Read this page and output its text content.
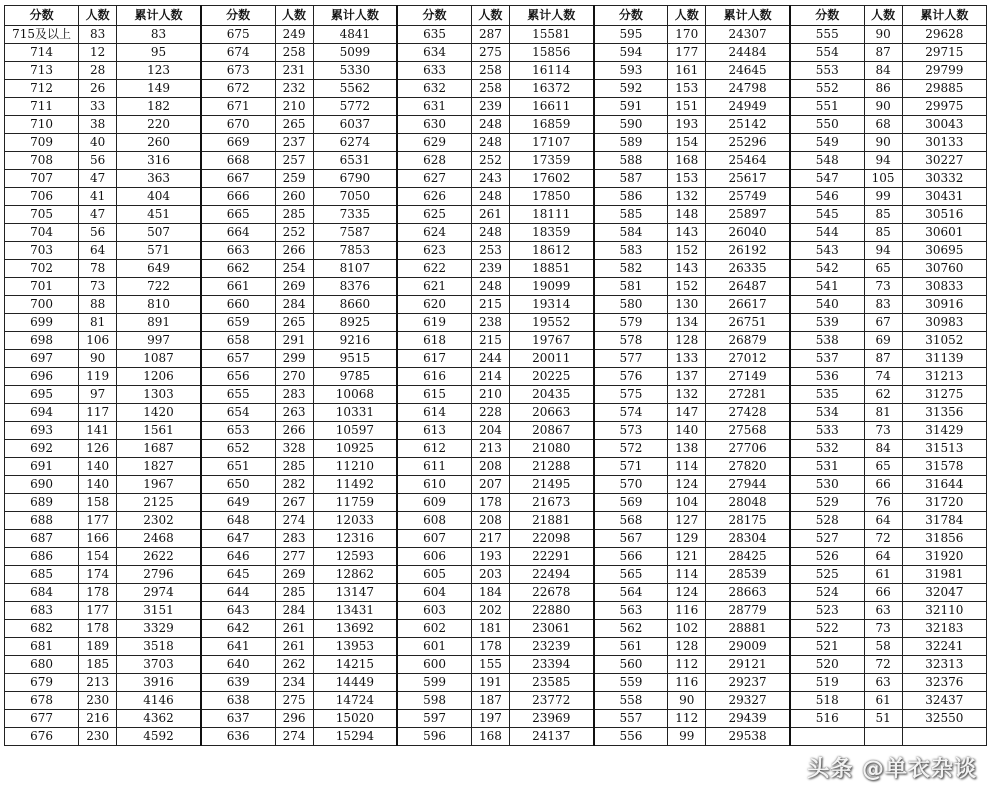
分数	人数	累计人数	分数	人数	累计人数	分数	人数	累计人数	分数	人数	累计人数	分数	人数	累计人数
715及以上	83	83	675	249	4841	635	287	15581	595	170	24307	555	90	29628
714	12	95	674	258	5099	634	275	15856	594	177	24484	554	87	29715
713	28	123	673	231	5330	633	258	16114	593	161	24645	553	84	29799
712	26	149	672	232	5562	632	258	16372	592	153	24798	552	86	29885
711	33	182	671	210	5772	631	239	16611	591	151	24949	551	90	29975
710	38	220	670	265	6037	630	248	16859	590	193	25142	550	68	30043
709	40	260	669	237	6274	629	248	17107	589	154	25296	549	90	30133
708	56	316	668	257	6531	628	252	17359	588	168	25464	548	94	30227
707	47	363	667	259	6790	627	243	17602	587	153	25617	547	105	30332
706	41	404	666	260	7050	626	248	17850	586	132	25749	546	99	30431
705	47	451	665	285	7335	625	261	18111	585	148	25897	545	85	30516
704	56	507	664	252	7587	624	248	18359	584	143	26040	544	85	30601
703	64	571	663	266	7853	623	253	18612	583	152	26192	543	94	30695
702	78	649	662	254	8107	622	239	18851	582	143	26335	542	65	30760
701	73	722	661	269	8376	621	248	19099	581	152	26487	541	73	30833
700	88	810	660	284	8660	620	215	19314	580	130	26617	540	83	30916
699	81	891	659	265	8925	619	238	19552	579	134	26751	539	67	30983
698	106	997	658	291	9216	618	215	19767	578	128	26879	538	69	31052
697	90	1087	657	299	9515	617	244	20011	577	133	27012	537	87	31139
696	119	1206	656	270	9785	616	214	20225	576	137	27149	536	74	31213
695	97	1303	655	283	10068	615	210	20435	575	132	27281	535	62	31275
694	117	1420	654	263	10331	614	228	20663	574	147	27428	534	81	31356
693	141	1561	653	266	10597	613	204	20867	573	140	27568	533	73	31429
692	126	1687	652	328	10925	612	213	21080	572	138	27706	532	84	31513
691	140	1827	651	285	11210	611	208	21288	571	114	27820	531	65	31578
690	140	1967	650	282	11492	610	207	21495	570	124	27944	530	66	31644
689	158	2125	649	267	11759	609	178	21673	569	104	28048	529	76	31720
688	177	2302	648	274	12033	608	208	21881	568	127	28175	528	64	31784
687	166	2468	647	283	12316	607	217	22098	567	129	28304	527	72	31856
686	154	2622	646	277	12593	606	193	22291	566	121	28425	526	64	31920
685	174	2796	645	269	12862	605	203	22494	565	114	28539	525	61	31981
684	178	2974	644	285	13147	604	184	22678	564	124	28663	524	66	32047
683	177	3151	643	284	13431	603	202	22880	563	116	28779	523	63	32110
682	178	3329	642	261	13692	602	181	23061	562	102	28881	522	73	32183
681	189	3518	641	261	13953	601	178	23239	561	128	29009	521	58	32241
680	185	3703	640	262	14215	600	155	23394	560	112	29121	520	72	32313
679	213	3916	639	234	14449	599	191	23585	559	116	29237	519	63	32376
678	230	4146	638	275	14724	598	187	23772	558	90	29327	518	61	32437
677	216	4362	637	296	15020	597	197	23969	557	112	29439	516	51	32550
676	230	4592	636	274	15294	596	168	24137	556	99	29538			
头条 @单衣杂谈
